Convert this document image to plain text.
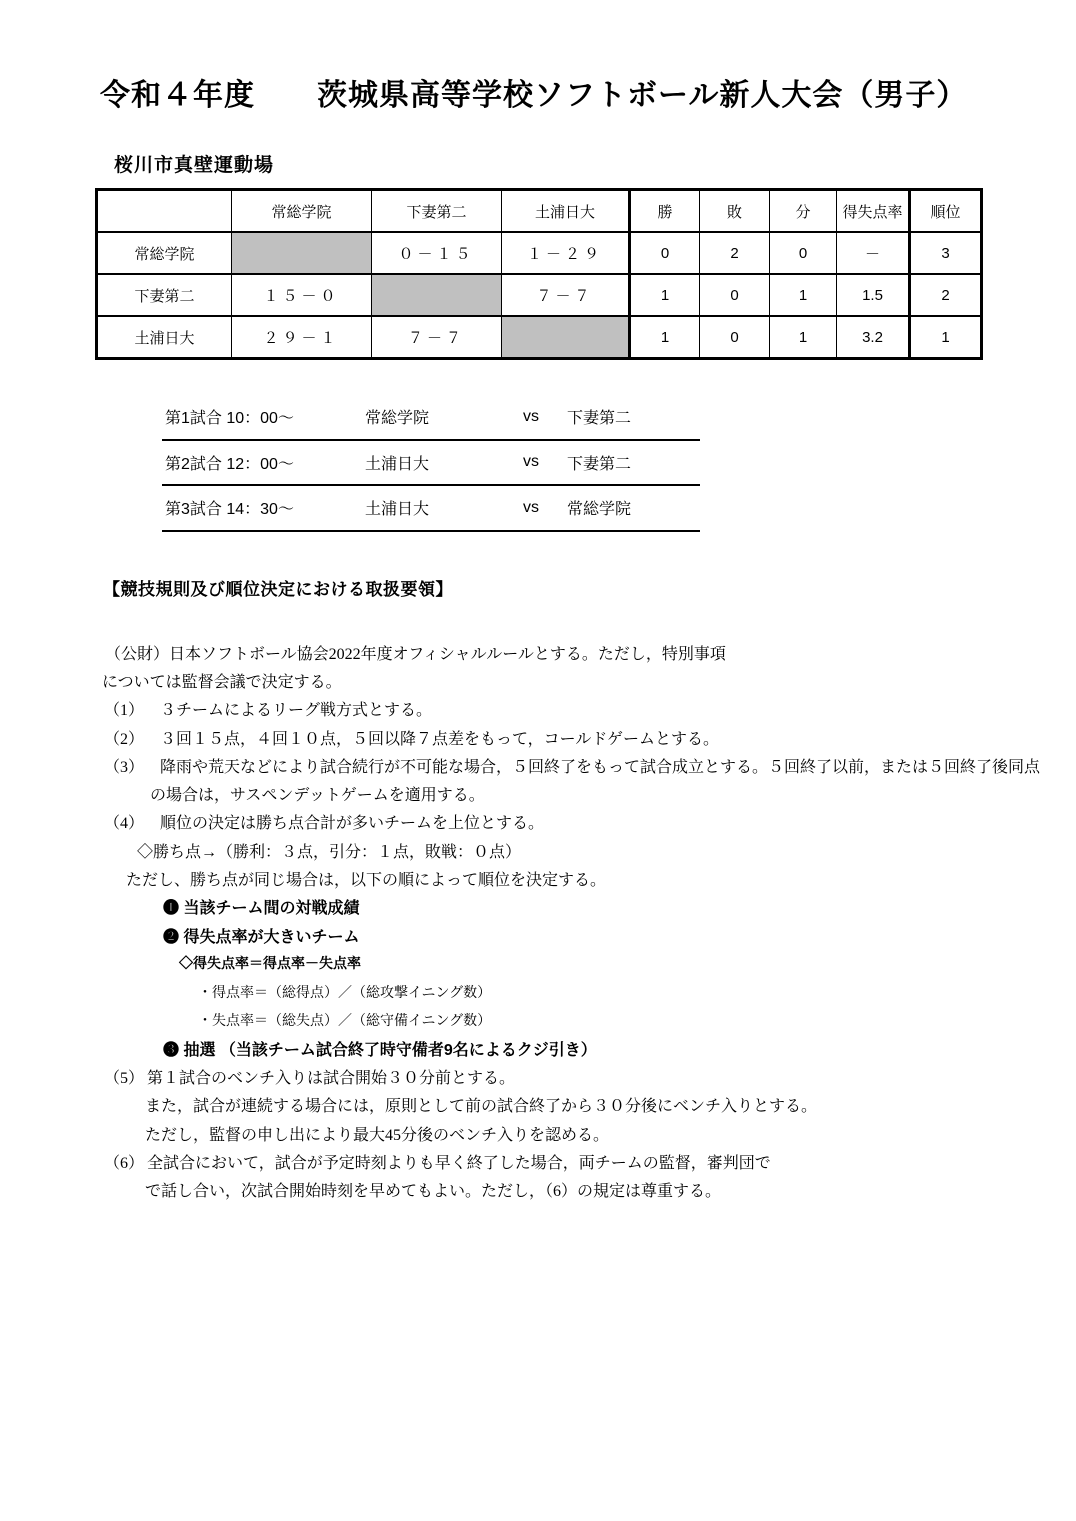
令和４年度　　茨城県高等学校ソフトボール新人大会（男子）
桜川市真壁運動場
	常総学院	下妻第二	土浦日大	勝	敗	分	得失点率	順位
常総学院		０－１５	１－２９	0	2	0	－	3
下妻第二	１５－０		７－７	1	0	1	1.5	2
土浦日大	２９－１	７－７		1	0	1	3.2	1
第1試合 10：00～	常総学院	vs	下妻第二
第2試合 12：00～	土浦日大	vs	下妻第二
第3試合 14：30～	土浦日大	vs	常総学院
【競技規則及び順位決定における取扱要領】
（公財）日本ソフトボール協会2022年度オフィシャルルールとする。ただし，特別事項
については監督会議で決定する。
（1） ３チームによるリーグ戦方式とする。
（2） ３回１５点，４回１０点，５回以降７点差をもって，コールドゲームとする。
（3） 降雨や荒天などにより試合続行が不可能な場合，５回終了をもって試合成立とする。５回終了以前，または５回終了後同点
の場合は，サスペンデットゲームを適用する。
（4） 順位の決定は勝ち点合計が多いチームを上位とする。
◇勝ち点→（勝利：３点，引分：１点，敗戦：０点）
ただし、勝ち点が同じ場合は，以下の順によって順位を決定する。
❶ 当該チーム間の対戦成績
❷ 得失点率が大きいチーム
◇得失点率＝得点率－失点率
・得点率＝（総得点）／（総攻撃イニング数）
・失点率＝（総失点）／（総守備イニング数）
❸ 抽選 （当該チーム試合終了時守備者9名によるクジ引き）
（5） 第１試合のベンチ入りは試合開始３０分前とする。
また，試合が連続する場合には，原則として前の試合終了から３０分後にベンチ入りとする。
ただし，監督の申し出により最大45分後のベンチ入りを認める。
（6） 全試合において，試合が予定時刻よりも早く終了した場合，両チームの監督，審判団で
で話し合い，次試合開始時刻を早めてもよい。ただし，（6）の規定は尊重する。
